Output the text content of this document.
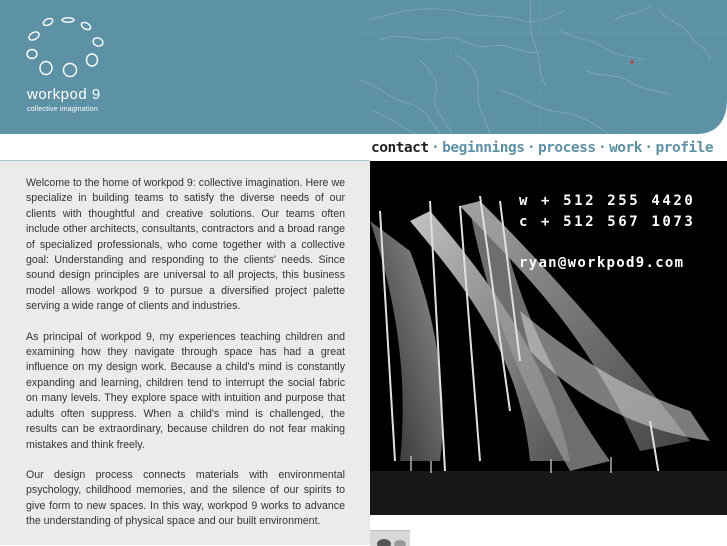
workpod 9
collective imagination
contact • beginnings • process • work • profile

Welcome to the home of workpod 9: collective imagination. Here we specialize in building teams to satisfy the diverse needs of our clients with thoughtful and creative solutions. Our teams often include other architects, consultants, contractors and a broad range of specialized professionals, who come together with a collective goal: Understanding and responding to the clients' needs. Since sound design principles are universal to all projects, this business model allows workpod 9 to pursue a diversified project palette serving a wide range of clients and industries.

As principal of workpod 9, my experiences teaching children and examining how they navigate through space has had a great influence on my design work. Because a child's mind is constantly expanding and learning, children tend to interrupt the social fabric on many levels. They explore space with intuition and purpose that adults often suppress. When a child's mind is challenged, the results can be extraordinary, because children do not fear making mistakes and think freely.

Our design process connects materials with environmental psychology, childhood memories, and the silence of our spirits to give form to new spaces. In this way, workpod 9 works to advance the understanding of physical space and our built environment.

w + 512 255 4420
c + 512 567 1073
ryan@workpod9.com
